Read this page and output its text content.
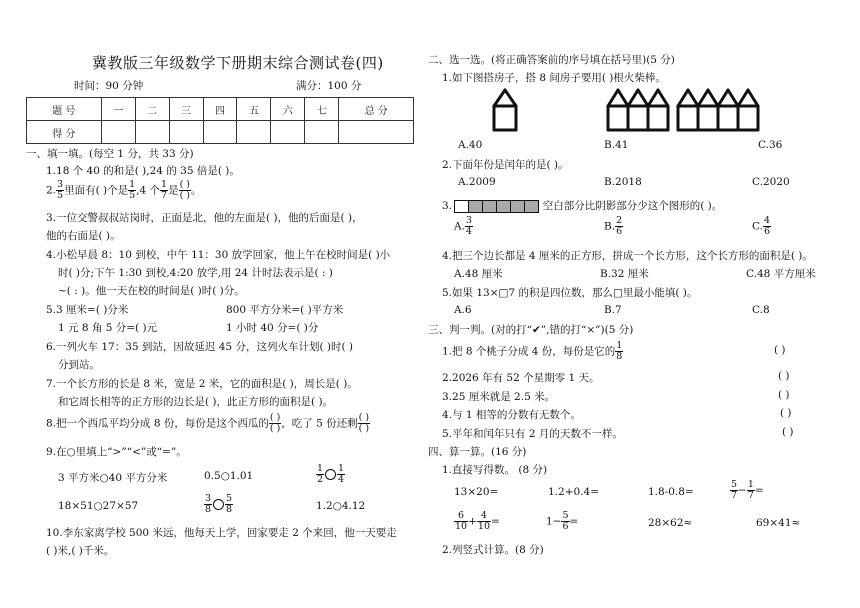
冀教版三年级数学下册期末综合测试卷(四)
时间：90 分钟	满分：100 分
题 号	一	二	三	四	五	六	七	总 分
得 分								
一、填一填。(每空 1 分，共 33 分)
1.18 个 40 的和是( ),24 的 35 倍是( )。
2. $\frac{3}{5}$ 里面有( )个是 $\frac{1}{5} ,4$ 个 $\frac{1}{7}$ 是 $\frac{( )}{( )}$ 。
3.一位交警叔叔站岗时，正面是北，他的左面是( )，他的后面是( )，
他的右面是( )。
4.小松早晨 8：10 到校，中午 11：30 放学回家，他上午在校时间是( )小
时( )分;下午 1:30 到校,4:20 放学,用 24 计时法表示是( : )
~( : )。他一天在校的时间是( )时( )分。
5.3 厘米=( )分米	800 平方分米=( )平方米
1 元 8 角 5 分=( )元	1 小时 40 分=( )分
6.一列火车 17：35 到站，因故延迟 45 分，这列火车计划( )时( )
分到站。
7.一个长方形的长是 8 米，宽是 2 米，它的面积是( )，周长是( )。
和它周长相等的正方形的边长是( )，此正方形的面积是( )。
8.把一个西瓜平均分成 8 份，每份是这个西瓜的 $\frac{( )}{( )}$ ，吃了 5 份还剩 $\frac{( )}{( )}$
9.在○里填上“>”“<”或“=”。
3 平方米○40 平方分米	0.5○1.01	$\frac{1}{2} \frac{1}{4}$
18×51○27×57	$\frac{3}{8} \frac{5}{8}$	1.2○4.12
10.李东家离学校 500 米远，他每天上学，回家要走 2 个来回，他一天要走
( )米,( )千米。
二、选一选。(将正确答案前的序号填在括号里)(5 分)
1.如下图搭房子，搭 8 间房子要用( )根火柴棒。
A.40	B.41	C.36
2.下面年份是闰年的是( )。
A.2009	B.2018	C.2020
3.	空白部分比阴影部分少这个图形的( )。
A. $\frac{3}{4}$	B. $\frac{2}{6}$	C. $\frac{4}{6}$
4.把三个边长都是 4 厘米的正方形，拼成一个长方形，这个长方形的面积是( )。
A.48 厘米	B.32 厘米	C.48 平方厘米
5.如果 13×□7 的积是四位数，那么□里最小能填( )。
A.6	B.7	C.8
三、判一判。(对的打“✔”,错的打“×”)(5 分)
1.把 8 个桃子分成 4 份，每份是它的 $\frac{1}{8}$	( )
2.2026 年有 52 个星期零 1 天。	( )
3.25 厘米就是 2.5 米。	( )
4.与 1 相等的分数有无数个。	( )
5.平年和闰年只有 2 月的天数不一样。	( )
四、算一算。(16 分)
1.直接写得数。 (8 分)
13×20=	1.2+0.4=	1.8-0.8=	$\frac{5}{7} - \frac{1}{7}$ =
$\frac{6}{10} + \frac{4}{10}$ =	$1- \frac{5}{6}$ =	28×62≈	69×41≈
2.列竖式计算。(8 分)
